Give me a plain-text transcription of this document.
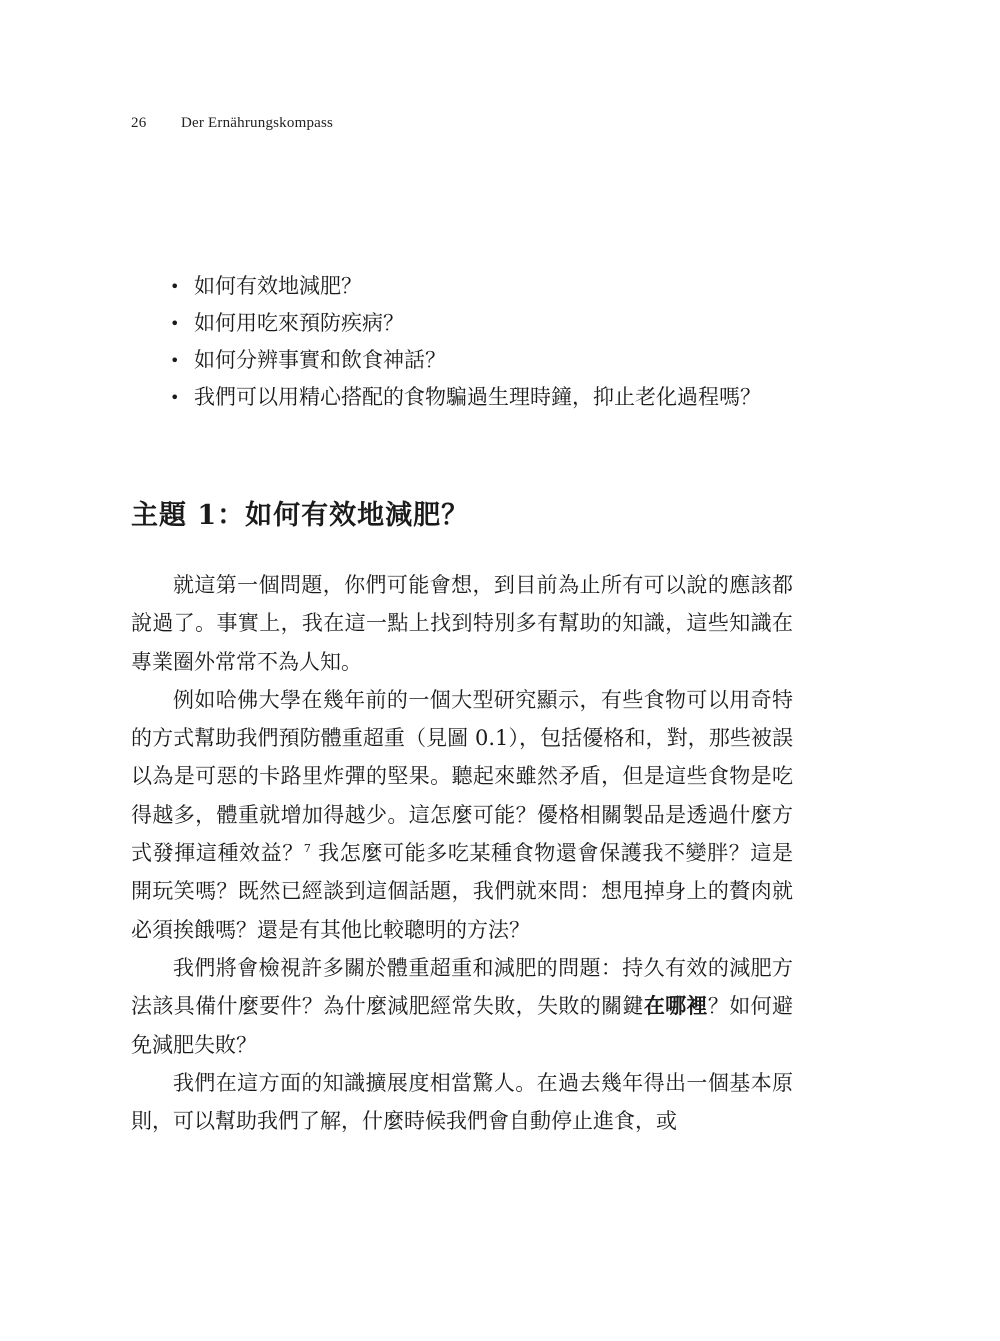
26 Der Ernährungskompass
• 如何有效地減肥？
• 如何用吃來預防疾病？
• 如何分辨事實和飲食神話？
• 我們可以用精心搭配的食物騙過生理時鐘，抑止老化過程嗎？
主題 1：如何有效地減肥？

就這第一個問題，你們可能會想，到目前為止所有可以說的應該都說過了。事實上，我在這一點上找到特別多有幫助的知識，這些知識在專業圈外常常不為人知。

例如哈佛大學在幾年前的一個大型研究顯示，有些食物可以用奇特的方式幫助我們預防體重超重（見圖 0.1），包括優格和，對，那些被誤以為是可惡的卡路里炸彈的堅果。聽起來雖然矛盾，但是這些食物是吃得越多，體重就增加得越少。這怎麼可能？優格相關製品是透過什麼方式發揮這種效益？$^7$ 我怎麼可能多吃某種食物還會保護我不變胖？這是開玩笑嗎？既然已經談到這個話題，我們就來問：想甩掉身上的贅肉就必須挨餓嗎？還是有其他比較聰明的方法？

我們將會檢視許多關於體重超重和減肥的問題：持久有效的減肥方法該具備什麼要件？為什麼減肥經常失敗，失敗的關鍵在哪裡？如何避免減肥失敗？

我們在這方面的知識擴展度相當驚人。在過去幾年得出一個基本原則，可以幫助我們了解，什麼時候我們會自動停止進食，或
